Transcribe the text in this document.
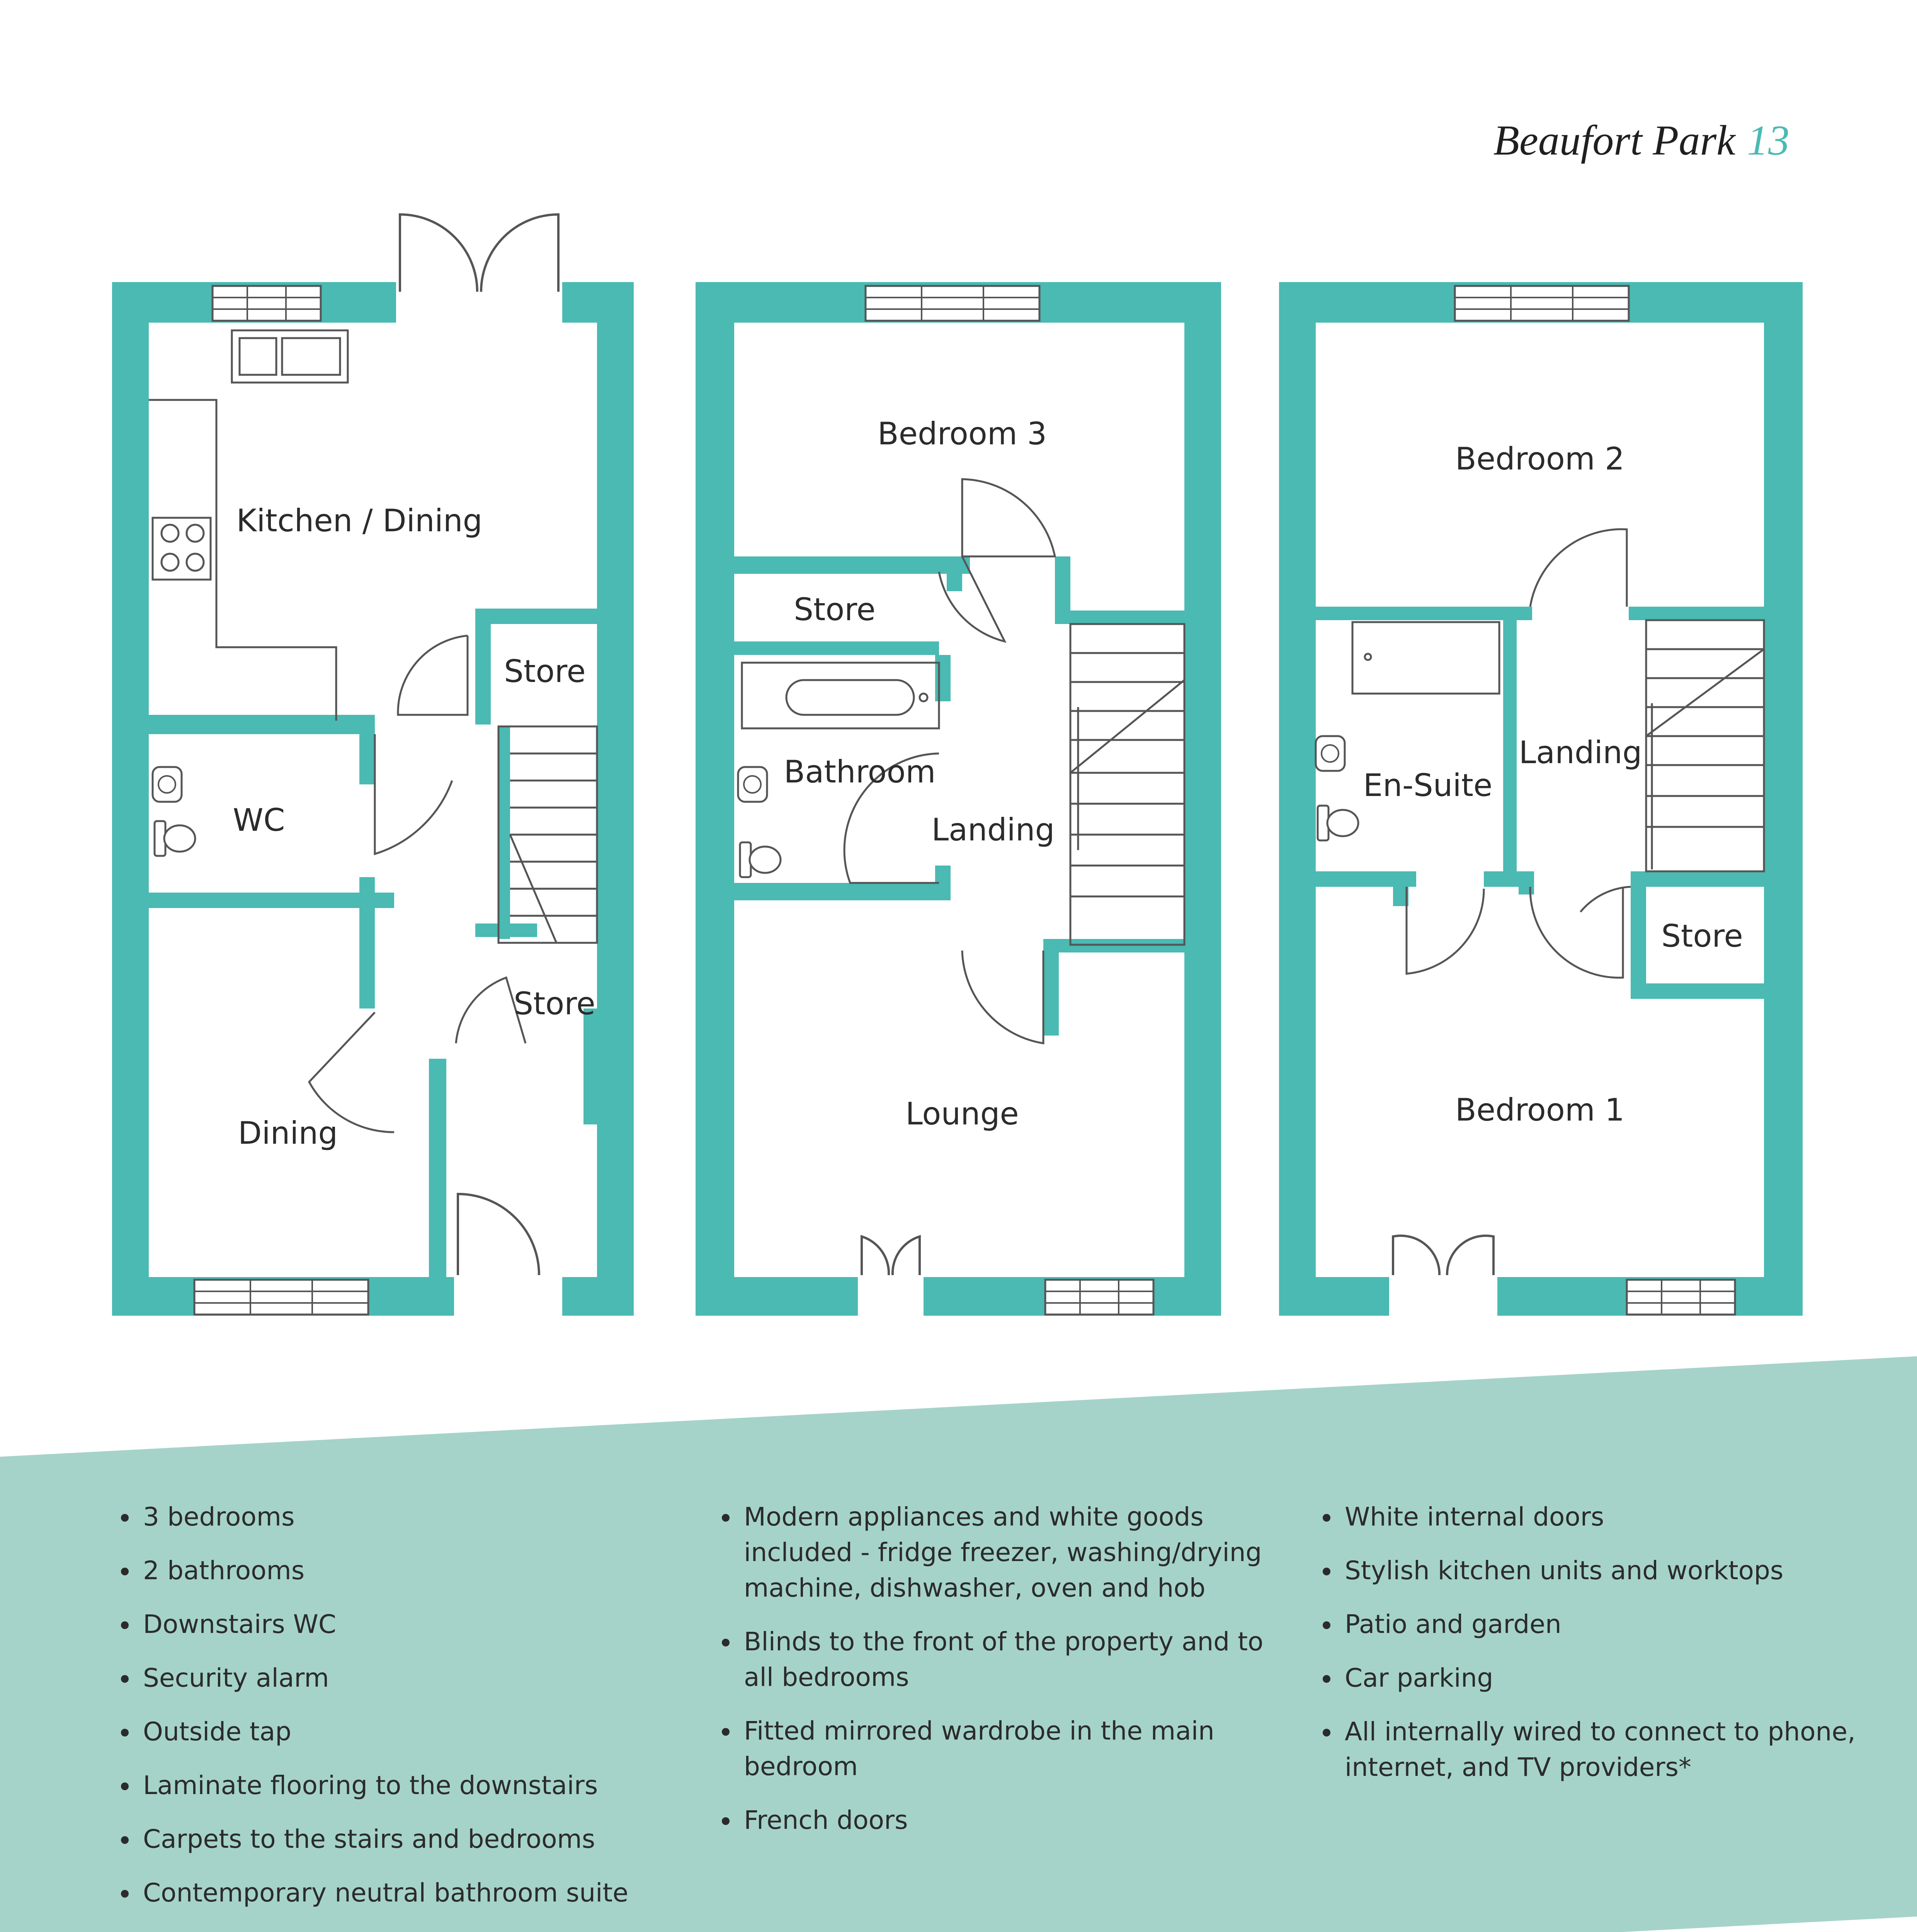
Beaufort Park 13
Kitchen / Dining
Store
WC
Store
Dining
Bedroom 3
Store
Bathroom
Landing
Lounge
Bedroom 2
Landing
En-Suite
Store
Bedroom 1
• 3 bedrooms
• 2 bathrooms
• Downstairs WC
• Security alarm
• Outside tap
• Laminate flooring to the downstairs
• Carpets to the stairs and bedrooms
• Contemporary neutral bathroom suite
• Modern appliances and white goods included - fridge freezer, washing/drying machine, dishwasher, oven and hob
• Blinds to the front of the property and to all bedrooms
• Fitted mirrored wardrobe in the main bedroom
• French doors
• White internal doors
• Stylish kitchen units and worktops
• Patio and garden
• Car parking
• All internally wired to connect to phone, internet, and TV providers*
